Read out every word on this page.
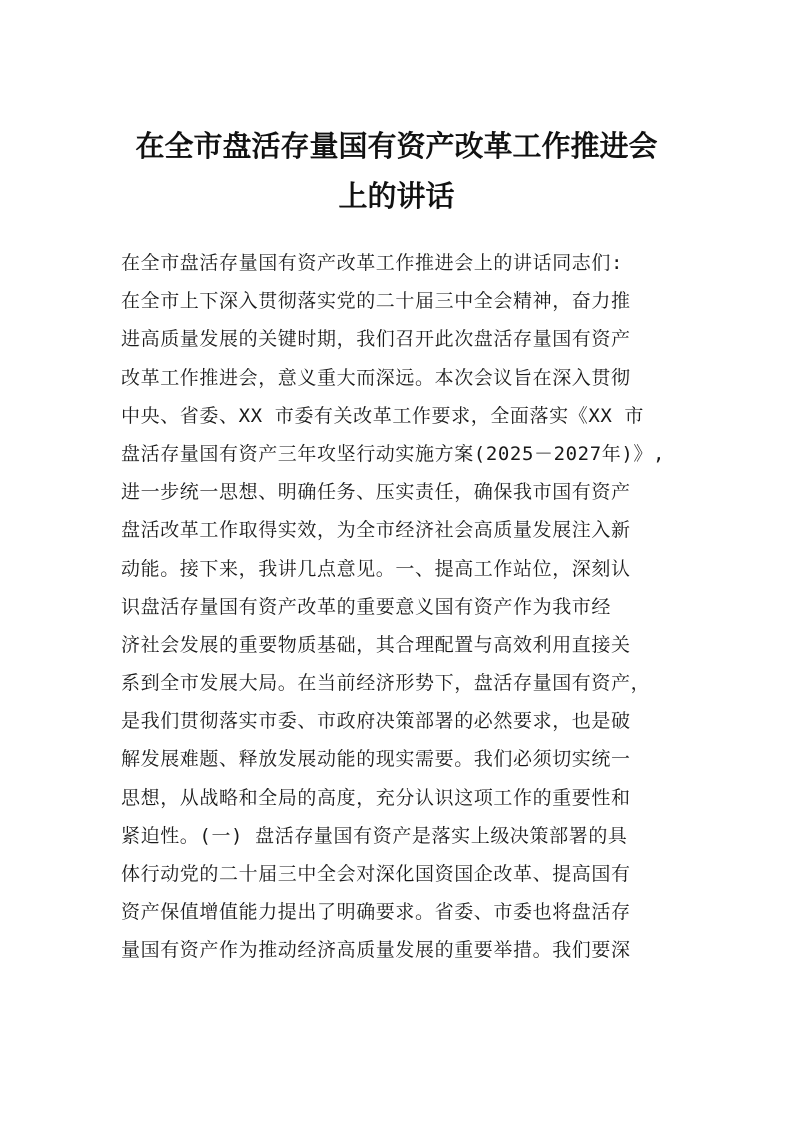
在全市盘活存量国有资产改革工作推进会
上的讲话
在全市盘活存量国有资产改革工作推进会上的讲话同志们:
在全市上下深入贯彻落实党的二十届三中全会精神，奋力推
进高质量发展的关键时期，我们召开此次盘活存量国有资产
改革工作推进会，意义重大而深远。本次会议旨在深入贯彻
中央、省委、XX 市委有关改革工作要求，全面落实《XX 市
盘活存量国有资产三年攻坚行动实施方案(2025－2027年)》,
进一步统一思想、明确任务、压实责任，确保我市国有资产
盘活改革工作取得实效，为全市经济社会高质量发展注入新
动能。接下来，我讲几点意见。一、提高工作站位，深刻认
识盘活存量国有资产改革的重要意义国有资产作为我市经
济社会发展的重要物质基础，其合理配置与高效利用直接关
系到全市发展大局。在当前经济形势下，盘活存量国有资产，
是我们贯彻落实市委、市政府决策部署的必然要求，也是破
解发展难题、释放发展动能的现实需要。我们必须切实统一
思想，从战略和全局的高度，充分认识这项工作的重要性和
紧迫性。(一) 盘活存量国有资产是落实上级决策部署的具
体行动党的二十届三中全会对深化国资国企改革、提高国有
资产保值增值能力提出了明确要求。省委、市委也将盘活存
量国有资产作为推动经济高质量发展的重要举措。我们要深
